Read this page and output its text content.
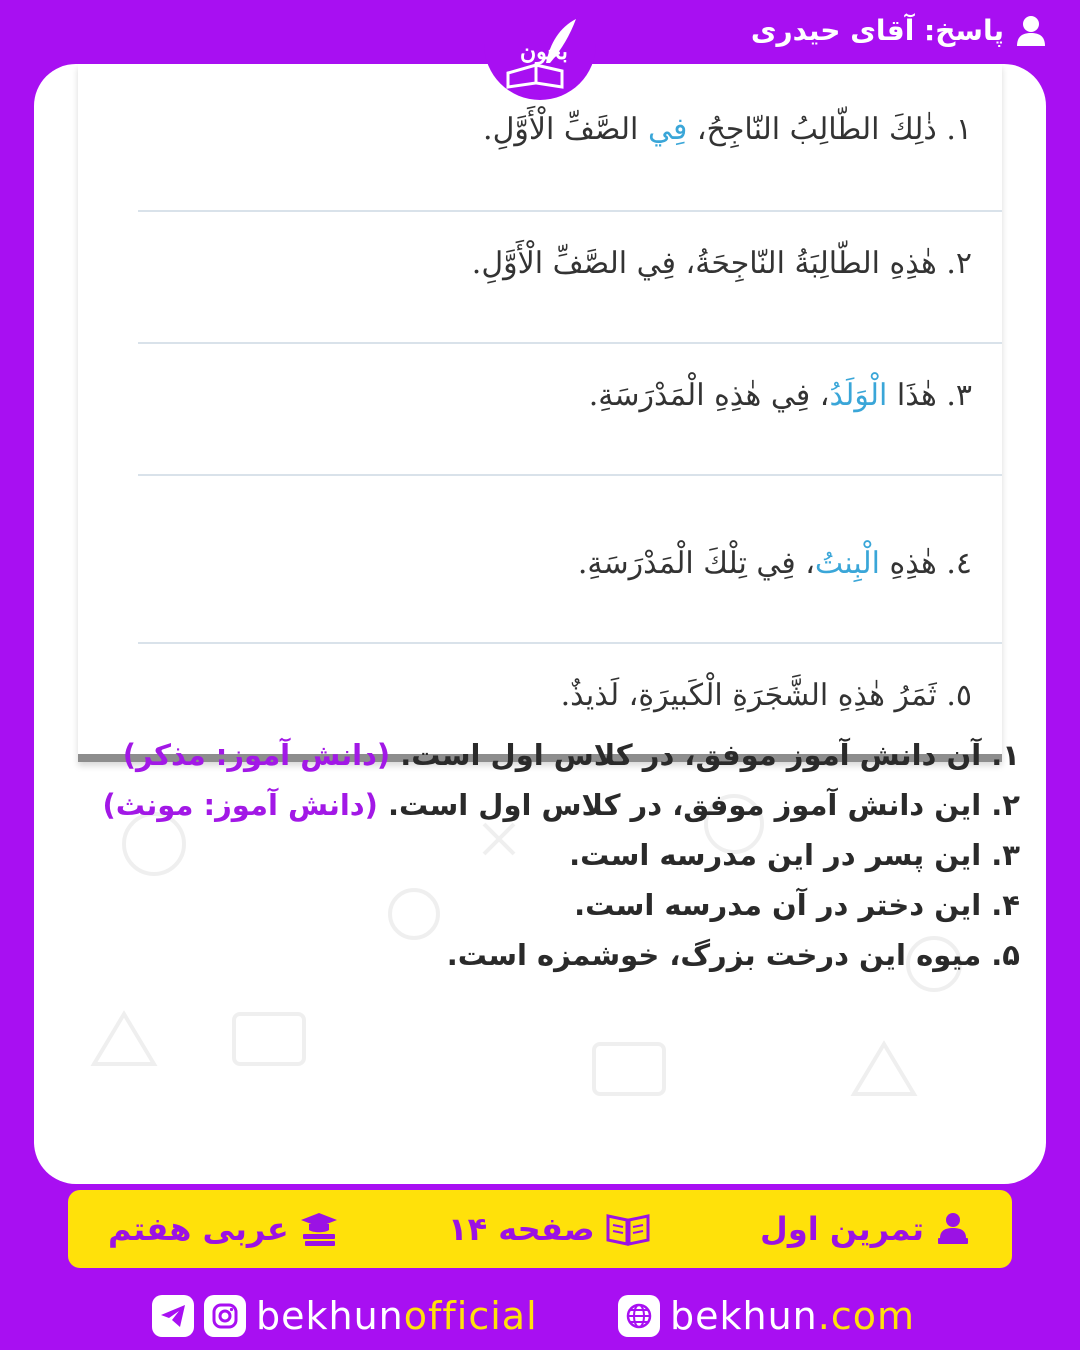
پاسخ: آقای حیدری
بخون
١. ذٰلِكَ الطّالِبُ النّاجِحُ، فِي الصَّفِّ الْأَوَّلِ.
٢. هٰذِهِ الطّالِبَةُ النّاجِحَةُ، فِي الصَّفِّ الْأَوَّلِ.
٣. هٰذَا الْوَلَدُ، فِي هٰذِهِ الْمَدْرَسَةِ.
٤. هٰذِهِ الْبِنتُ، فِي تِلْكَ الْمَدْرَسَةِ.
٥. ثَمَرُ هٰذِهِ الشَّجَرَةِ الْكَبيرَةِ، لَذيذٌ.
۱. آن دانش آموز موفق، در کلاس اول است. (دانش آموز: مذکر)
۲. این دانش آموز موفق، در کلاس اول است. (دانش آموز: مونث)
۳. این پسر در این مدرسه است.
۴. این دختر در آن مدرسه است.
۵. میوه این درخت بزرگ، خوشمزه است.
تمرین اول
صفحه ۱۴
عربی هفتم
bekhunofficial	bekhun.com
